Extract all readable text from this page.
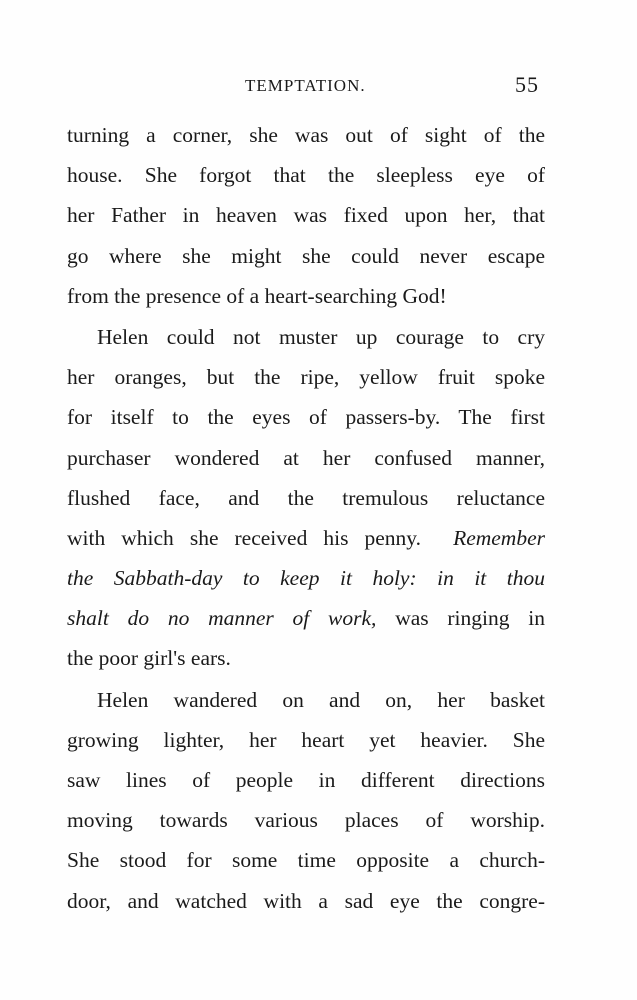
TEMPTATION.	55
turning a corner, she was out of sight of the
house. She forgot that the sleepless eye of
her Father in heaven was fixed upon her, that
go where she might she could never escape
from the presence of a heart-searching God!
Helen could not muster up courage to cry
her oranges, but the ripe, yellow fruit spoke
for itself to the eyes of passers-by. The first
purchaser wondered at her confused manner,
flushed face, and the tremulous reluctance
with which she received his penny. Remember
the Sabbath-day to keep it holy: in it thou
shalt do no manner of work, was ringing in
the poor girl's ears.
Helen wandered on and on, her basket
growing lighter, her heart yet heavier. She
saw lines of people in different directions
moving towards various places of worship.
She stood for some time opposite a church-
door, and watched with a sad eye the congre-
